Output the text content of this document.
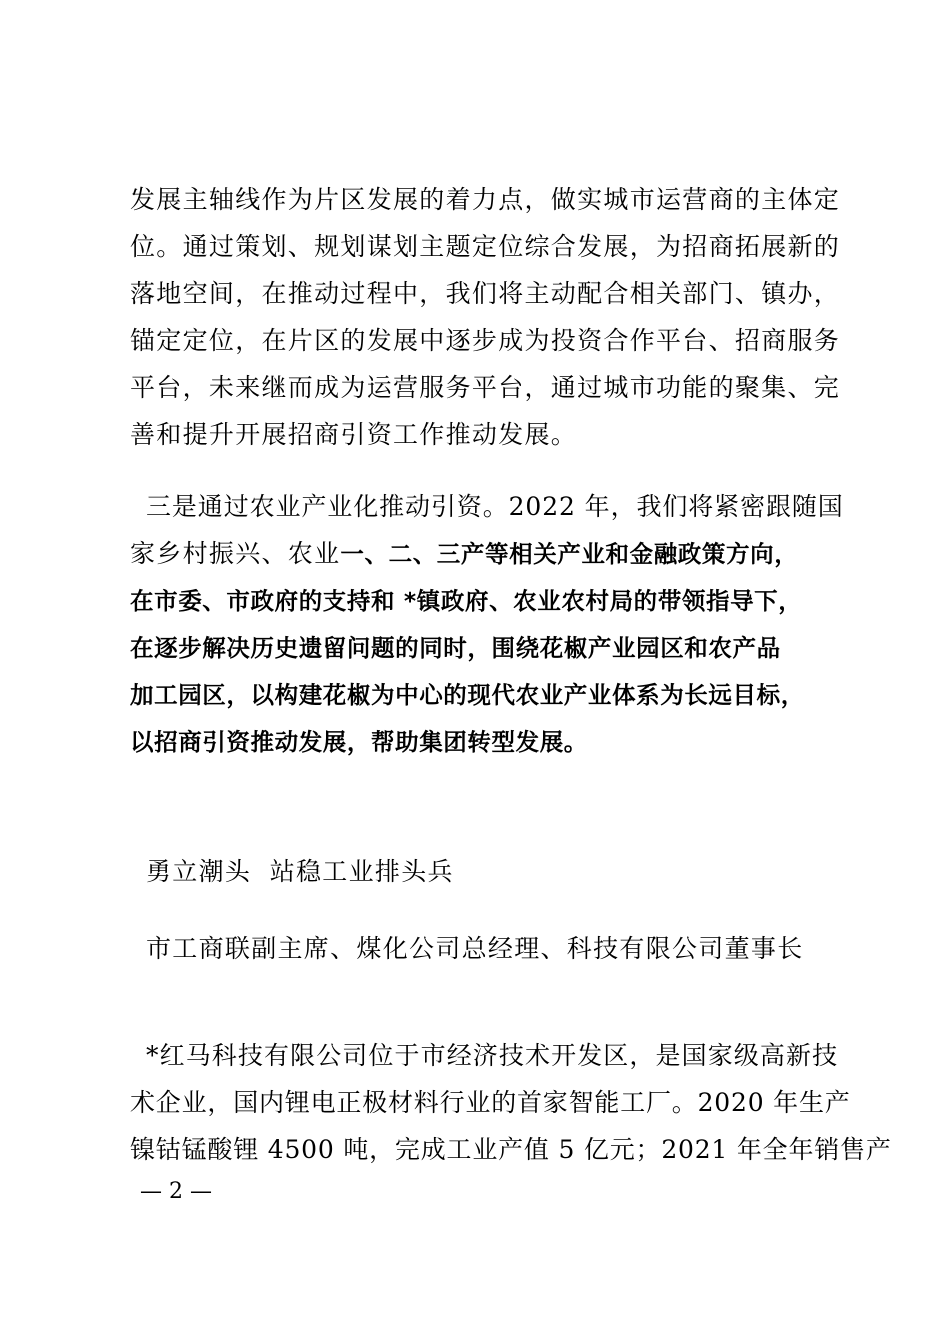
发展主轴线作为片区发展的着力点，做实城市运营商的主体定
位。通过策划、规划谋划主题定位综合发展，为招商拓展新的
落地空间，在推动过程中，我们将主动配合相关部门、镇办，
锚定定位，在片区的发展中逐步成为投资合作平台、招商服务
平台，未来继而成为运营服务平台，通过城市功能的聚集、完
善和提升开展招商引资工作推动发展。
三是通过农业产业化推动引资。2022 年，我们将紧密跟随国
家乡村振兴、农业一、二、三产等相关产业和金融政策方向，
在市委、市政府的支持和 *镇政府、农业农村局的带领指导下，
在逐步解决历史遗留问题的同时，围绕花椒产业园区和农产品
加工园区，以构建花椒为中心的现代农业产业体系为长远目标，
以招商引资推动发展，帮助集团转型发展。
勇立潮头  站稳工业排头兵
市工商联副主席、煤化公司总经理、科技有限公司董事长
*红马科技有限公司位于市经济技术开发区，是国家级高新技
术企业，国内锂电正极材料行业的首家智能工厂。2020 年生产
镍钴锰酸锂 4500 吨，完成工业产值 5 亿元；2021 年全年销售产
— 2 —
